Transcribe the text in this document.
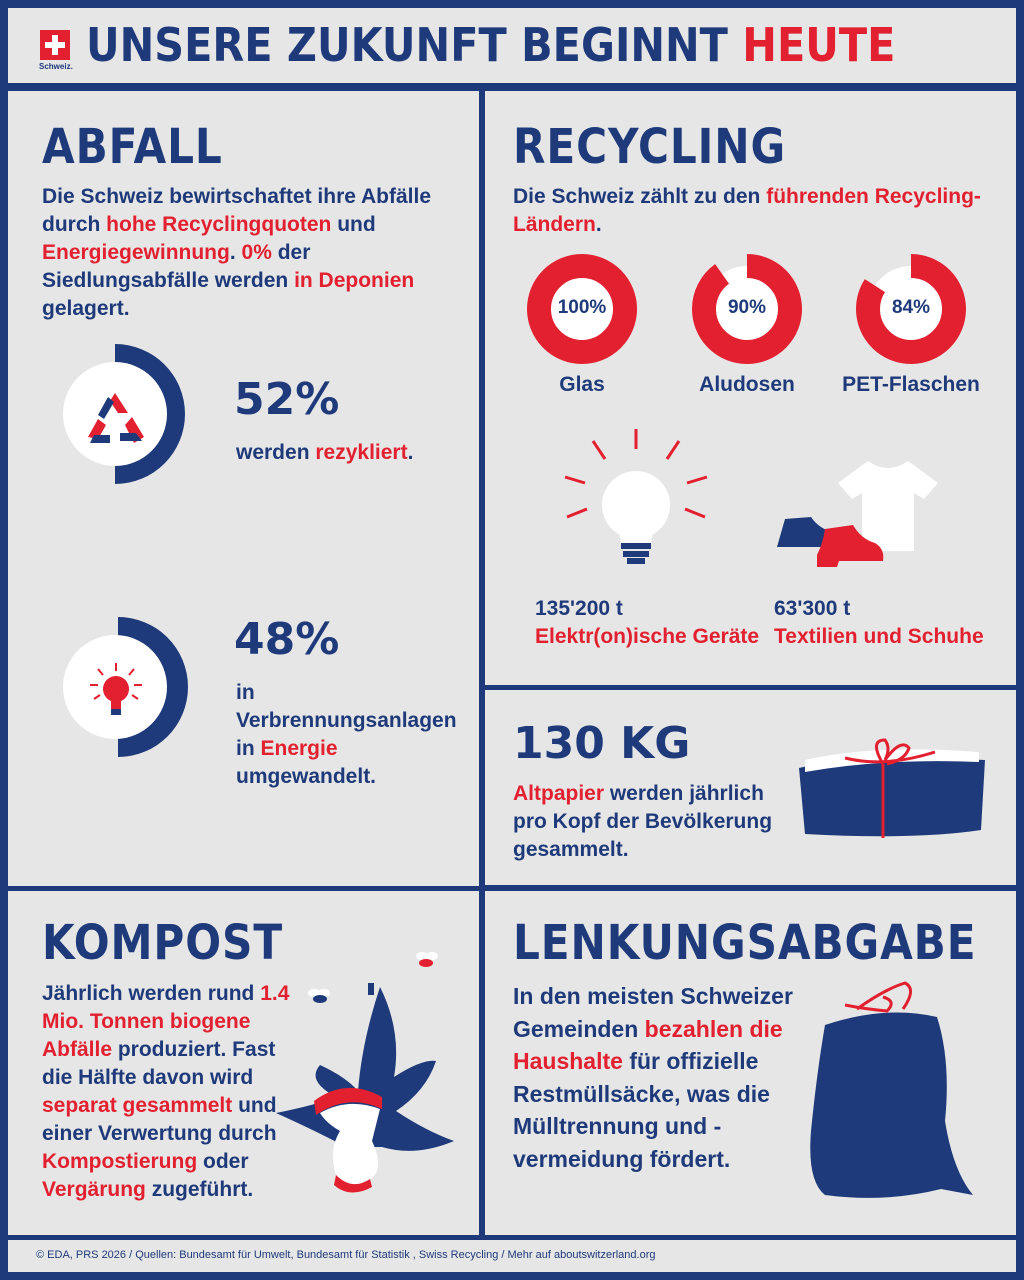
Schweiz. UNSERE ZUKUNFT BEGINNT HEUTE
ABFALL
Die Schweiz bewirtschaftet ihre Abfälle durch hohe Recyclingquoten und Energiegewinnung. 0% der Siedlungsabfälle werden in Deponien gelagert.
52%
werden rezykliert.
48%
in Verbrennungsanlagen
in Energie umgewandelt.
RECYCLING
Die Schweiz zählt zu den führenden Recycling-Ländern.
100%	90%	84%
Glas	Aludosen	PET-Flaschen
135'200 t
Elektr(on)ische Geräte
63'300 t
Textilien und Schuhe
130 KG
Altpapier werden jährlich pro Kopf der Bevölkerung gesammelt.
KOMPOST
Jährlich werden rund 1.4 Mio. Tonnen biogene Abfälle produziert. Fast die Hälfte davon wird separat gesammelt und einer Verwertung durch Kompostierung oder Vergärung zugeführt.
LENKUNGSABGABE
In den meisten Schweizer Gemeinden bezahlen die Haushalte für offizielle Restmüllsäcke, was die Mülltrennung und -vermeidung fördert.
© EDA, PRS 2026 / Quellen: Bundesamt für Umwelt, Bundesamt für Statistik , Swiss Recycling / Mehr auf aboutswitzerland.org
